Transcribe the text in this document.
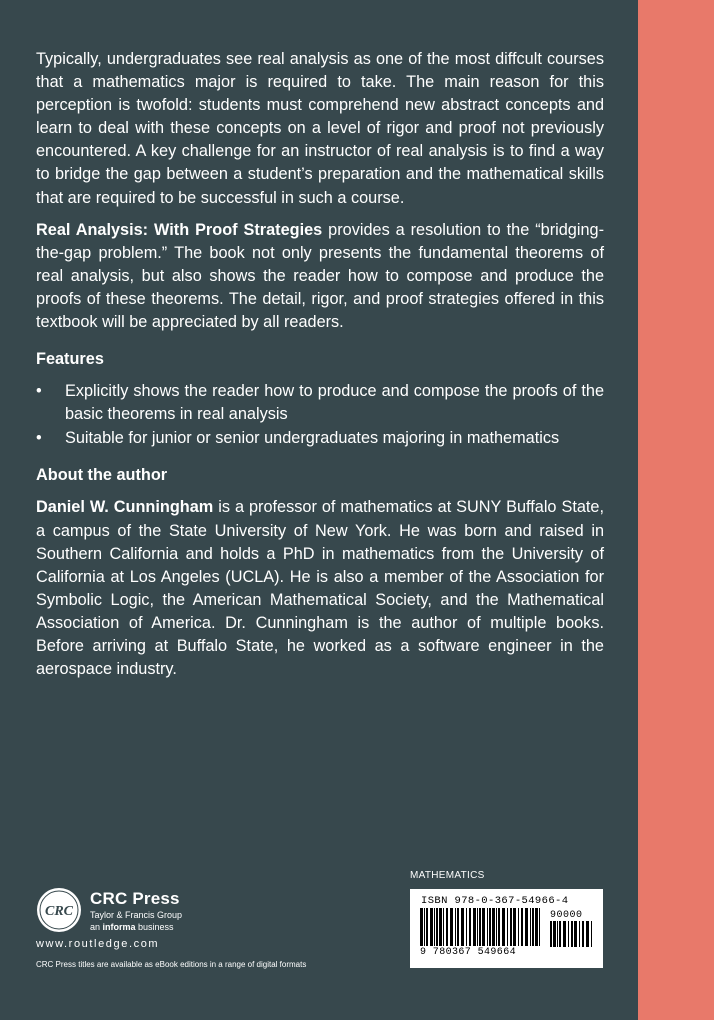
Typically, undergraduates see real analysis as one of the most diffcult courses that a mathematics major is required to take. The main reason for this perception is twofold: students must comprehend new abstract concepts and learn to deal with these concepts on a level of rigor and proof not previously encountered. A key challenge for an instructor of real analysis is to find a way to bridge the gap between a student’s preparation and the mathematical skills that are required to be successful in such a course.

Real Analysis: With Proof Strategies provides a resolution to the “bridging-the-gap problem.” The book not only presents the fundamental theorems of real analysis, but also shows the reader how to compose and produce the proofs of these theorems. The detail, rigor, and proof strategies offered in this textbook will be appreciated by all readers.

Features
• Explicitly shows the reader how to produce and compose the proofs of the basic theorems in real analysis
• Suitable for junior or senior undergraduates majoring in mathematics
About the author

Daniel W. Cunningham is a professor of mathematics at SUNY Buffalo State, a campus of the State University of New York. He was born and raised in Southern California and holds a PhD in mathematics from the University of California at Los Angeles (UCLA). He is also a member of the Association for Symbolic Logic, the American Mathematical Society, and the Mathematical Association of America. Dr. Cunningham is the author of multiple books. Before arriving at Buffalo State, he worked as a software engineer in the aerospace industry.

CRC
CRC Press
Taylor & Francis Group
an informa business
www.routledge.com
CRC Press titles are available as eBook editions in a range of digital formats
MATHEMATICS
ISBN 978-0-367-54966-4
90000
9 780367 549664
